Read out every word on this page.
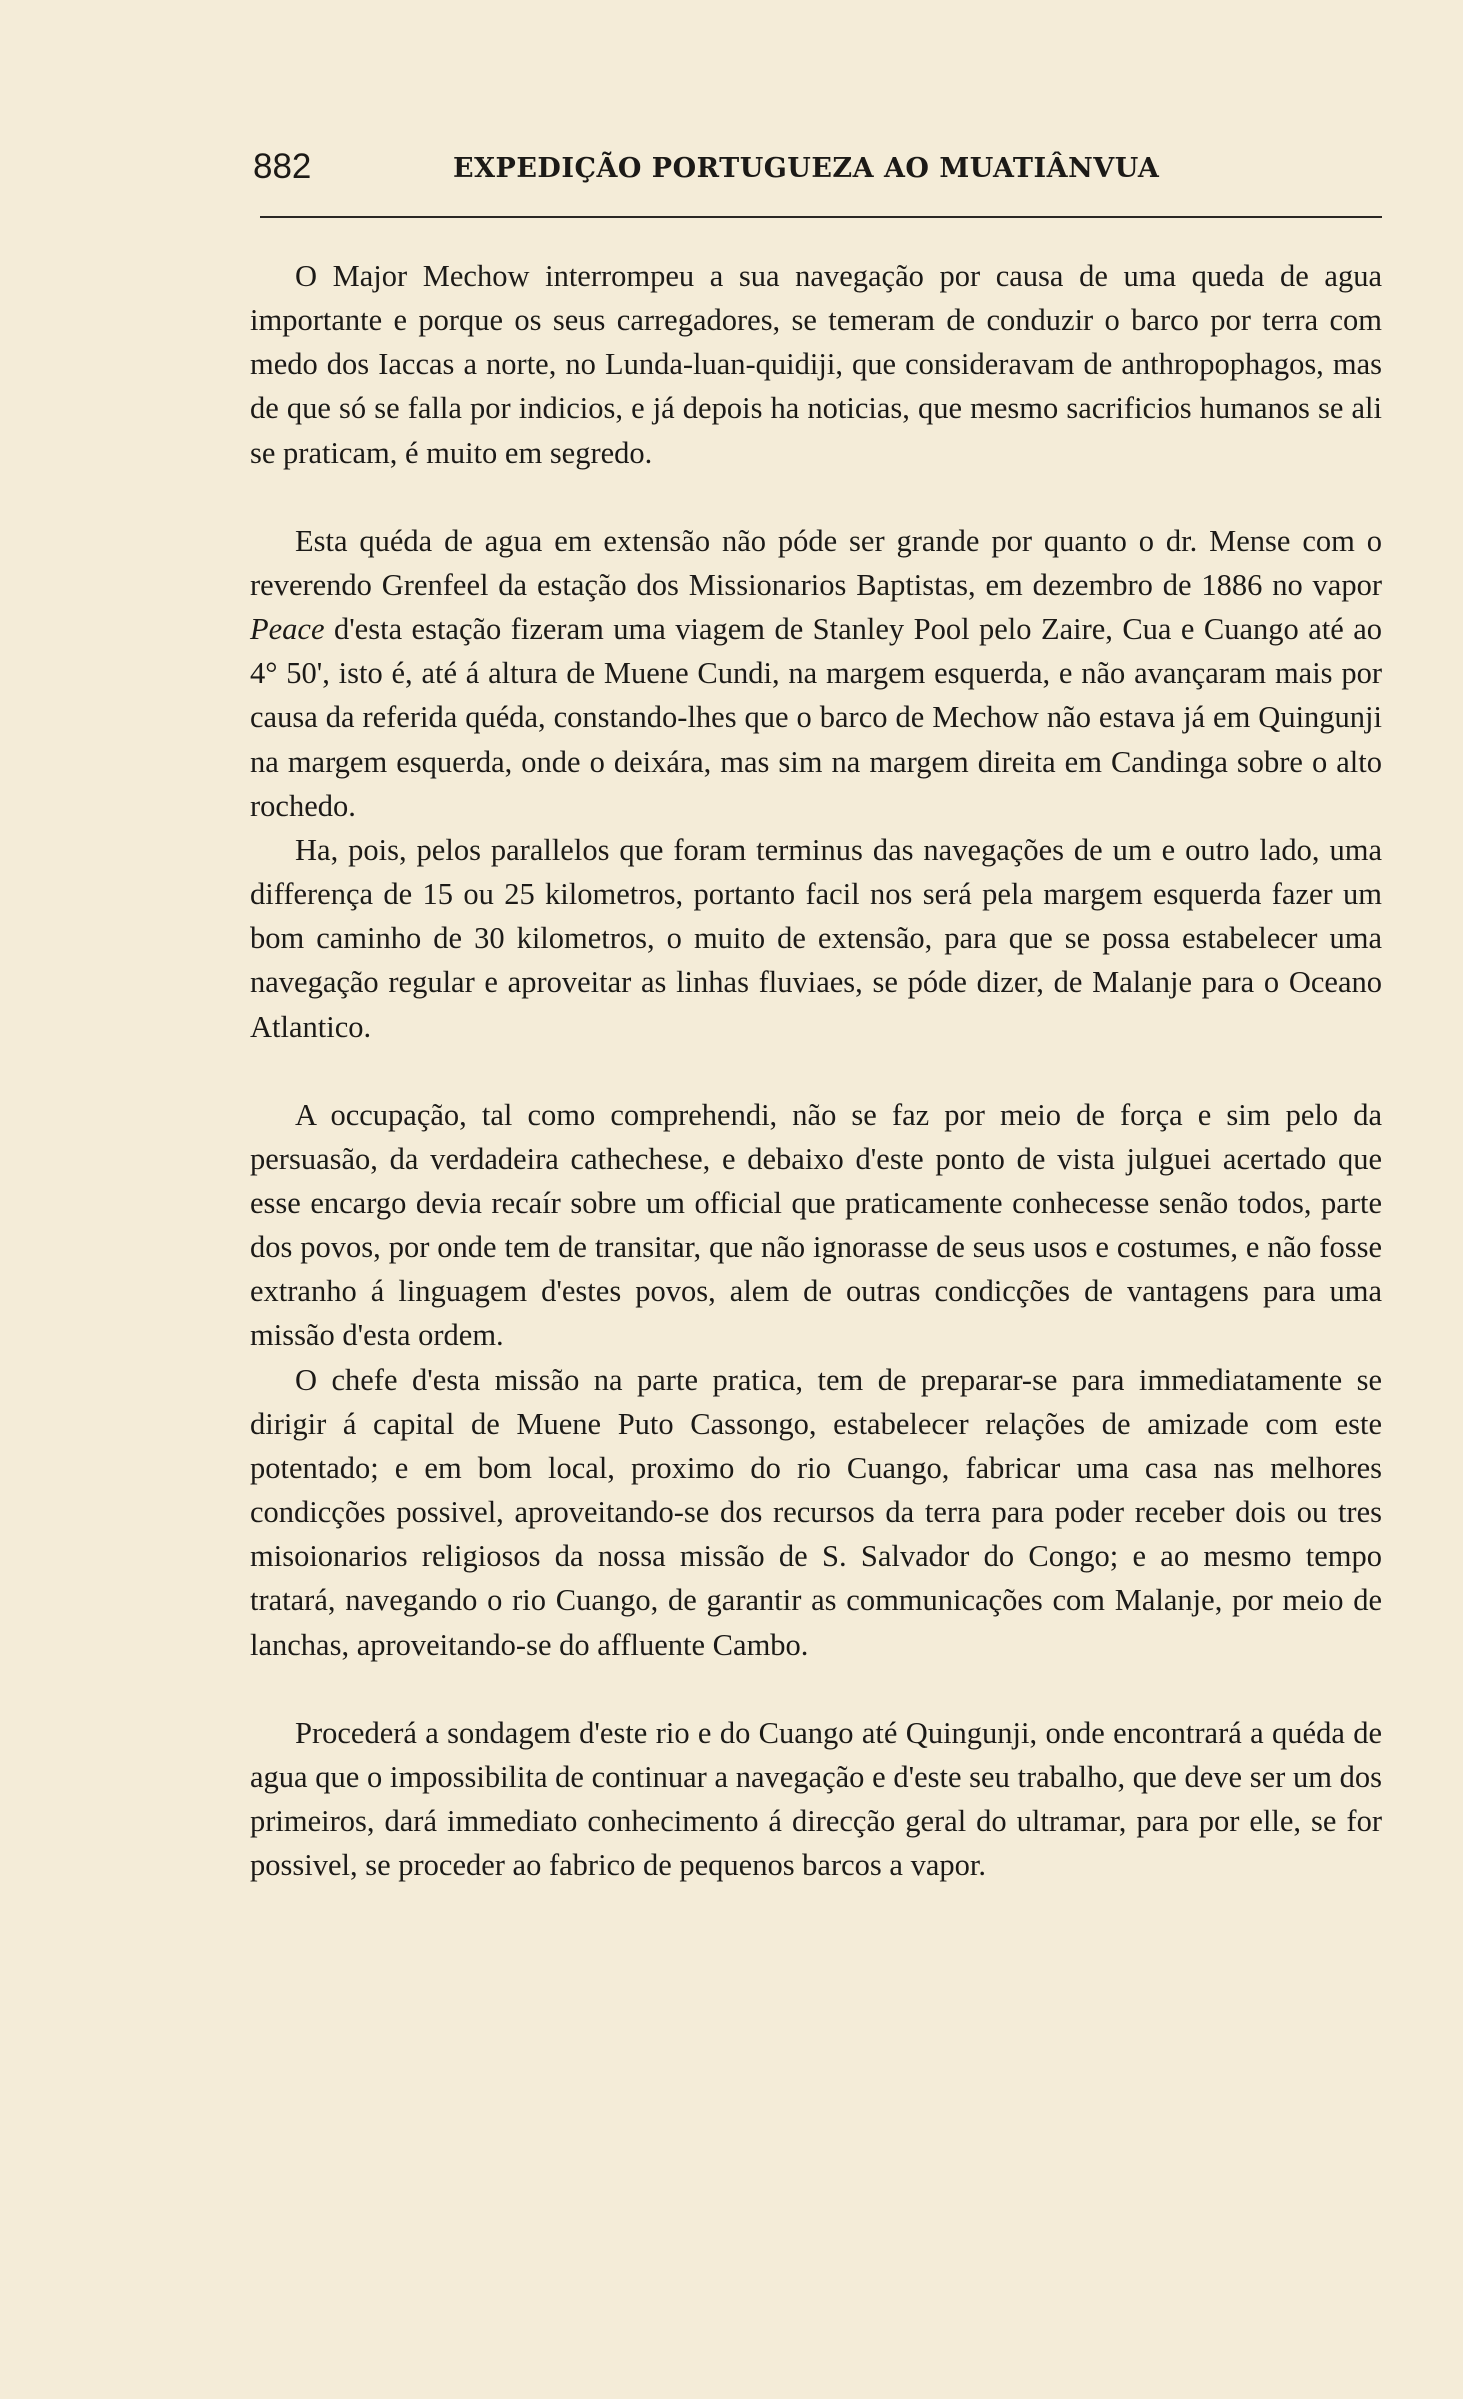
882	EXPEDIÇÃO PORTUGUEZA AO MUATIÂNVUA

O Major Mechow interrompeu a sua navegação por causa de uma queda de agua importante e porque os seus carregadores, se temeram de conduzir o barco por terra com medo dos Iaccas a norte, no Lunda-luan-quidiji, que consideravam de anthropophagos, mas de que só se falla por indicios, e já depois ha noticias, que mesmo sacrificios humanos se ali se praticam, é muito em segredo.

Esta quéda de agua em extensão não póde ser grande por quanto o dr. Mense com o reverendo Grenfeel da estação dos Missionarios Baptistas, em dezembro de 1886 no vapor Peace d'esta estação fizeram uma viagem de Stanley Pool pelo Zaire, Cua e Cuango até ao 4° 50', isto é, até á altura de Muene Cundi, na margem esquerda, e não avançaram mais por causa da referida quéda, constando-lhes que o barco de Mechow não estava já em Quingunji na margem esquerda, onde o deixára, mas sim na margem direita em Candinga sobre o alto rochedo.

Ha, pois, pelos parallelos que foram terminus das navegações de um e outro lado, uma differença de 15 ou 25 kilometros, portanto facil nos será pela margem esquerda fazer um bom caminho de 30 kilometros, o muito de extensão, para que se possa estabelecer uma navegação regular e aproveitar as linhas fluviaes, se póde dizer, de Malanje para o Oceano Atlantico.

A occupação, tal como comprehendi, não se faz por meio de força e sim pelo da persuasão, da verdadeira cathechese, e debaixo d'este ponto de vista julguei acertado que esse encargo devia recaír sobre um official que praticamente conhecesse senão todos, parte dos povos, por onde tem de transitar, que não ignorasse de seus usos e costumes, e não fosse extranho á linguagem d'estes povos, alem de outras condicções de vantagens para uma missão d'esta ordem.

O chefe d'esta missão na parte pratica, tem de preparar-se para immediatamente se dirigir á capital de Muene Puto Cassongo, estabelecer relações de amizade com este potentado; e em bom local, proximo do rio Cuango, fabricar uma casa nas melhores condicções possivel, aproveitando-se dos recursos da terra para poder receber dois ou tres misoionarios religiosos da nossa missão de S. Salvador do Congo; e ao mesmo tempo tratará, navegando o rio Cuango, de garantir as communicações com Malanje, por meio de lanchas, aproveitando-se do affluente Cambo.

Procederá a sondagem d'este rio e do Cuango até Quingunji, onde encontrará a quéda de agua que o impossibilita de continuar a navegação e d'este seu trabalho, que deve ser um dos primeiros, dará immediato conhecimento á direcção geral do ultramar, para por elle, se for possivel, se proceder ao fabrico de pequenos barcos a vapor.
